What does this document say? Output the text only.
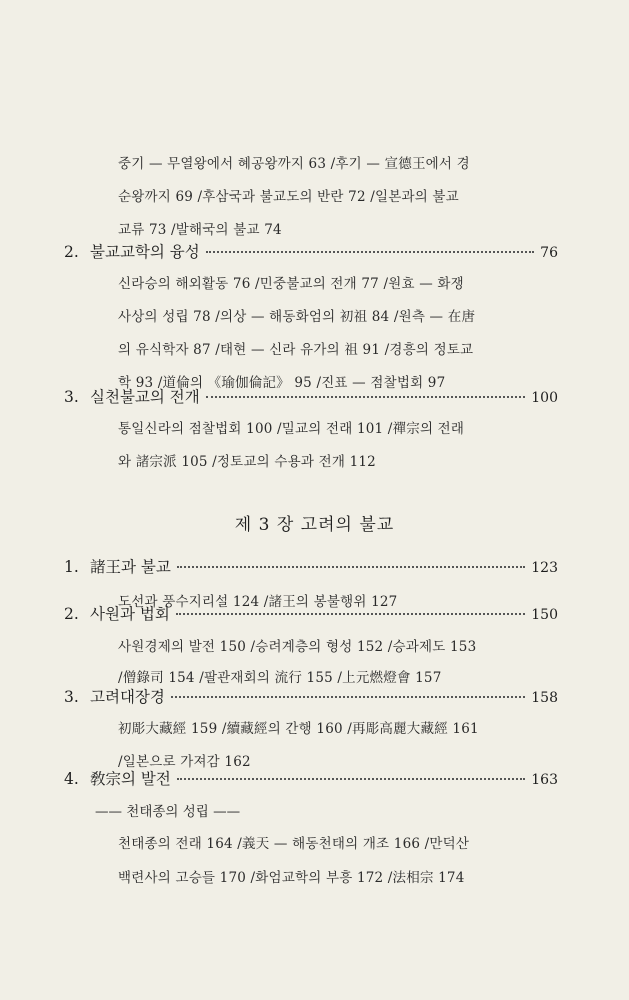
중기 — 무열왕에서 혜공왕까지 63 /후기 — 宣德王에서 경
순왕까지 69 /후삼국과 불교도의 반란 72 /일본과의 불교
교류 73 /발해국의 불교 74
2. 불교교학의 융성	76
신라승의 해외활동 76 /민중불교의 전개 77 /원효 — 화쟁
사상의 성립 78 /의상 — 해동화엄의 初祖 84 /원측 — 在唐
의 유식학자 87 /태현 — 신라 유가의 祖 91 /경흥의 정토교
학 93 /道倫의 《瑜伽倫記》 95 /진표 — 점찰법회 97
3. 실천불교의 전개	100
통일신라의 점찰법회 100 /밀교의 전래 101 /禪宗의 전래
와 諸宗派 105 /정토교의 수용과 전개 112
제 3 장 고려의 불교
1. 諸王과 불교	123
도선과 풍수지리설 124 /諸王의 봉불행위 127
2. 사원과 법회	150
사원경제의 발전 150 /승려계층의 형성 152 /승과제도 153
/僧錄司 154 /팔관재회의 流行 155 /上元燃燈會 157
3. 고려대장경	158
初彫大藏經 159 /續藏經의 간행 160 /再彫高麗大藏經 161
/일본으로 가져감 162
4. 敎宗의 발전	163
—— 천태종의 성립 ——
천태종의 전래 164 /義天 — 해동천태의 개조 166 /만덕산
백련사의 고승들 170 /화엄교학의 부흥 172 /法相宗 174
